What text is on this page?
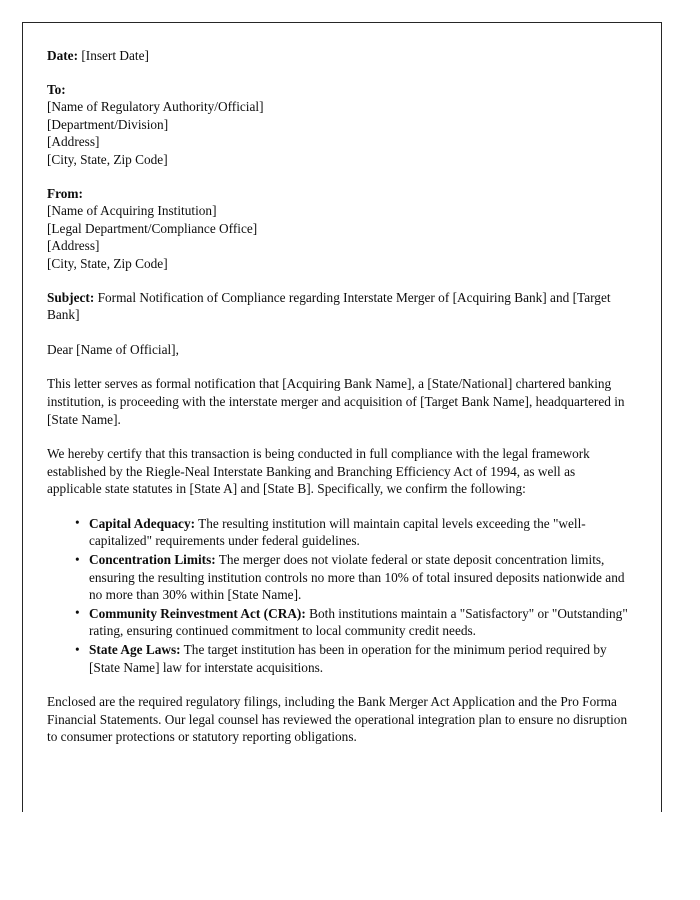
Date: [Insert Date]
To:
[Name of Regulatory Authority/Official]
[Department/Division]
[Address]
[City, State, Zip Code]
From:
[Name of Acquiring Institution]
[Legal Department/Compliance Office]
[Address]
[City, State, Zip Code]
Subject: Formal Notification of Compliance regarding Interstate Merger of [Acquiring Bank] and [Target Bank]
Dear [Name of Official],
This letter serves as formal notification that [Acquiring Bank Name], a [State/National] chartered banking institution, is proceeding with the interstate merger and acquisition of [Target Bank Name], headquartered in [State Name].
We hereby certify that this transaction is being conducted in full compliance with the legal framework established by the Riegle-Neal Interstate Banking and Branching Efficiency Act of 1994, as well as applicable state statutes in [State A] and [State B]. Specifically, we confirm the following:
• Capital Adequacy: The resulting institution will maintain capital levels exceeding the "well-capitalized" requirements under federal guidelines.
• Concentration Limits: The merger does not violate federal or state deposit concentration limits, ensuring the resulting institution controls no more than 10% of total insured deposits nationwide and no more than 30% within [State Name].
• Community Reinvestment Act (CRA): Both institutions maintain a "Satisfactory" or "Outstanding" rating, ensuring continued commitment to local community credit needs.
• State Age Laws: The target institution has been in operation for the minimum period required by [State Name] law for interstate acquisitions.
Enclosed are the required regulatory filings, including the Bank Merger Act Application and the Pro Forma Financial Statements. Our legal counsel has reviewed the operational integration plan to ensure no disruption to consumer protections or statutory reporting obligations.
